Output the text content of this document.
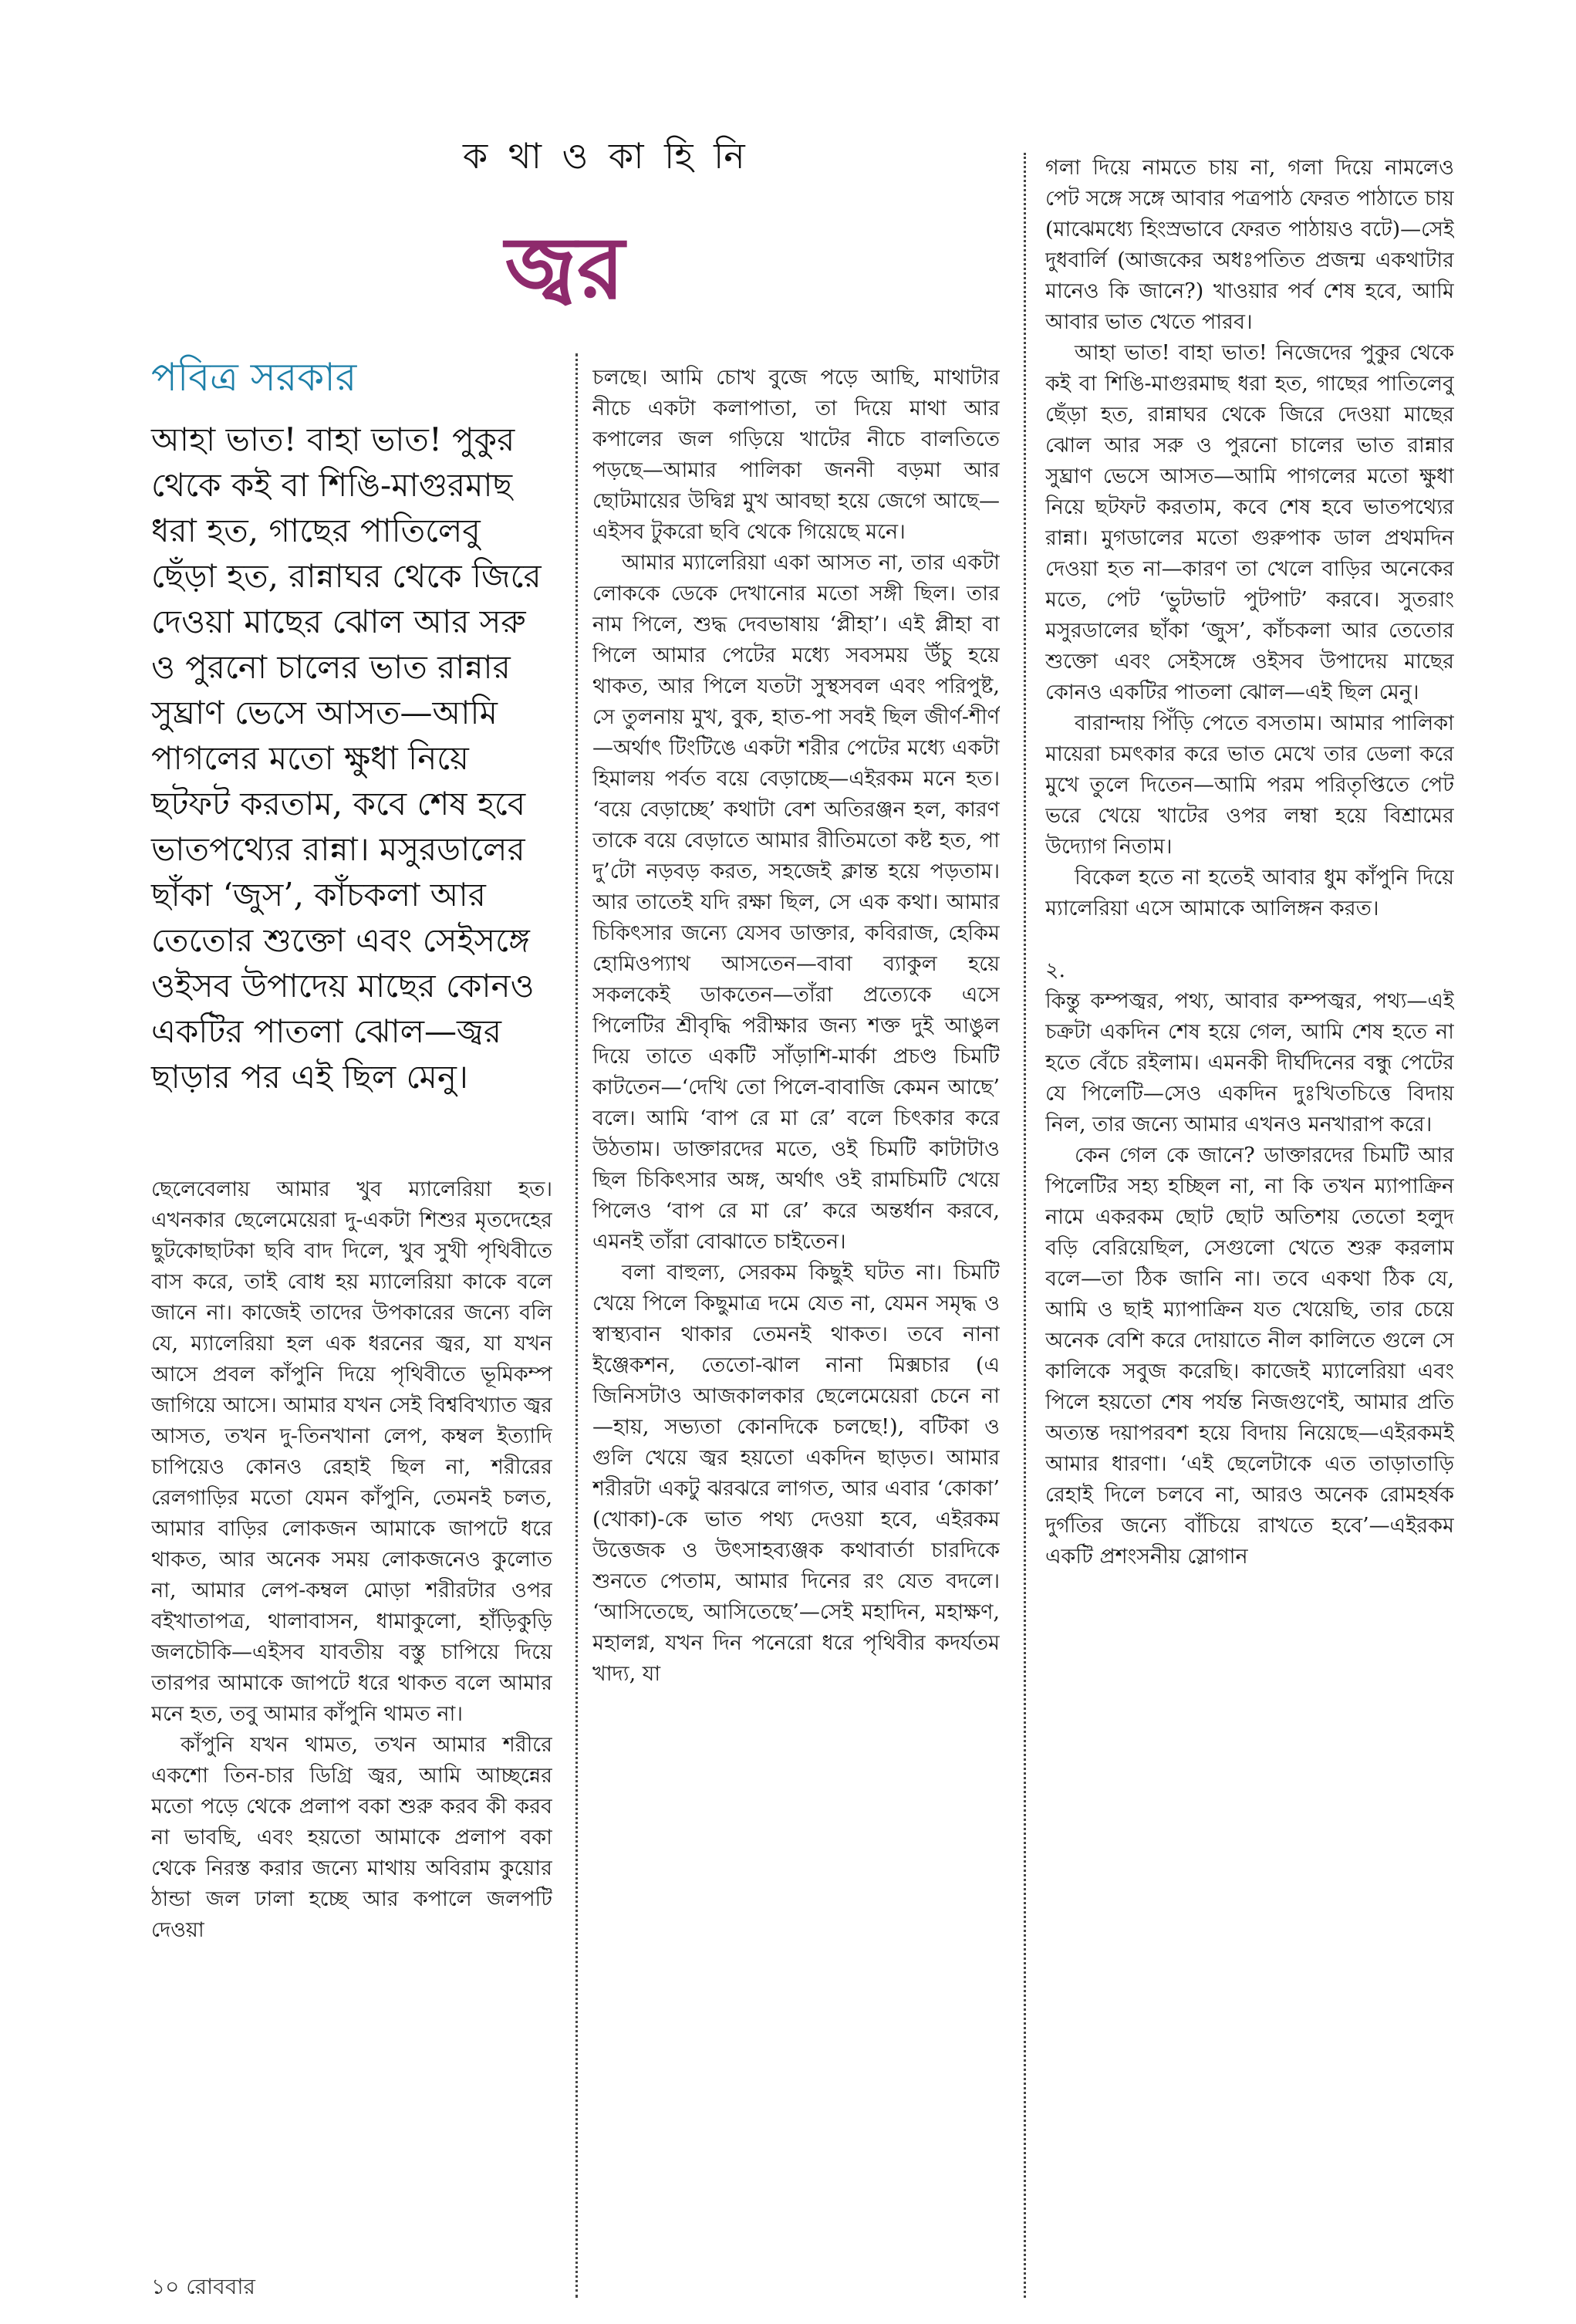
ক থা ও কা হি নি
জ্বর
পবিত্র সরকার
আহা ভাত! বাহা ভাত! পুকুর থেকে কই বা শিঙি-মাগুরমাছ ধরা হত, গাছের পাতিলেবু ছেঁড়া হত, রান্নাঘর থেকে জিরে দেওয়া মাছের ঝোল আর সরু ও পুরনো চালের ভাত রান্নার সুঘ্রাণ ভেসে আসত—আমি পাগলের মতো ক্ষুধা নিয়ে ছটফট করতাম, কবে শেষ হবে ভাতপথ্যের রান্না। মসুরডালের ছাঁকা ‘জুস’, কাঁচকলা আর তেতোর শুক্তো এবং সেইসঙ্গে ওইসব উপাদেয় মাছের কোনও একটির পাতলা ঝোল—জ্বর ছাড়ার পর এই ছিল মেনু।

ছেলেবেলায় আমার খুব ম্যালেরিয়া হত। এখনকার ছেলেমেয়েরা দু-একটা শিশুর মৃতদেহের ছুটকোছাটকা ছবি বাদ দিলে, খুব সুখী পৃথিবীতে বাস করে, তাই বোধ হয় ম্যালেরিয়া কাকে বলে জানে না। কাজেই তাদের উপকারের জন্যে বলি যে, ম্যালেরিয়া হল এক ধরনের জ্বর, যা যখন আসে প্রবল কাঁপুনি দিয়ে পৃথিবীতে ভূমিকম্প জাগিয়ে আসে। আমার যখন সেই বিশ্ববিখ্যাত জ্বর আসত, তখন দু-তিনখানা লেপ, কম্বল ইত্যাদি চাপিয়েও কোনও রেহাই ছিল না, শরীরের রেলগাড়ির মতো যেমন কাঁপুনি, তেমনই চলত, আমার বাড়ির লোকজন আমাকে জাপটে ধরে থাকত, আর অনেক সময় লোকজনেও কুলোত না, আমার লেপ-কম্বল মোড়া শরীরটার ওপর বইখাতাপত্র, থালাবাসন, ধামাকুলো, হাঁড়িকুড়ি জলচৌকি—এইসব যাবতীয় বস্তু চাপিয়ে দিয়ে তারপর আমাকে জাপটে ধরে থাকত বলে আমার মনে হত, তবু আমার কাঁপুনি থামত না।

কাঁপুনি যখন থামত, তখন আমার শরীরে একশো তিন-চার ডিগ্রি জ্বর, আমি আচ্ছন্নের মতো পড়ে থেকে প্রলাপ বকা শুরু করব কী করব না ভাবছি, এবং হয়তো আমাকে প্রলাপ বকা থেকে নিরস্ত করার জন্যে মাথায় অবিরাম কুয়োর ঠান্ডা জল ঢালা হচ্ছে আর কপালে জলপটি দেওয়া

চলছে। আমি চোখ বুজে পড়ে আছি, মাথাটার নীচে একটা কলাপাতা, তা দিয়ে মাথা আর কপালের জল গড়িয়ে খাটের নীচে বালতিতে পড়ছে—আমার পালিকা জননী বড়মা আর ছোটমায়ের উদ্বিগ্ন মুখ আবছা হয়ে জেগে আছে—এইসব টুকরো ছবি থেকে গিয়েছে মনে।

আমার ম্যালেরিয়া একা আসত না, তার একটা লোককে ডেকে দেখানোর মতো সঙ্গী ছিল। তার নাম পিলে, শুদ্ধ দেবভাষায় ‘প্লীহা’। এই প্লীহা বা পিলে আমার পেটের মধ্যে সবসময় উঁচু হয়ে থাকত, আর পিলে যতটা সুস্থসবল এবং পরিপুষ্ট, সে তুলনায় মুখ, বুক, হাত-পা সবই ছিল জীর্ণ-শীর্ণ—অর্থাৎ টিংটিঙে একটা শরীর পেটের মধ্যে একটা হিমালয় পর্বত বয়ে বেড়াচ্ছে—এইরকম মনে হত। ‘বয়ে বেড়াচ্ছে’ কথাটা বেশ অতিরঞ্জন হল, কারণ তাকে বয়ে বেড়াতে আমার রীতিমতো কষ্ট হত, পা দু’টো নড়বড় করত, সহজেই ক্লান্ত হয়ে পড়তাম। আর তাতেই যদি রক্ষা ছিল, সে এক কথা। আমার চিকিৎসার জন্যে যেসব ডাক্তার, কবিরাজ, হেকিম হোমিওপ্যাথ আসতেন—বাবা ব্যাকুল হয়ে সকলকেই ডাকতেন—তাঁরা প্রত্যেকে এসে পিলেটির শ্রীবৃদ্ধি পরীক্ষার জন্য শক্ত দুই আঙুল দিয়ে তাতে একটি সাঁড়াশি-মার্কা প্রচণ্ড চিমটি কাটতেন—‘দেখি তো পিলে-বাবাজি কেমন আছে’ বলে। আমি ‘বাপ রে মা রে’ বলে চিৎকার করে উঠতাম। ডাক্তারদের মতে, ওই চিমটি কাটাটাও ছিল চিকিৎসার অঙ্গ, অর্থাৎ ওই রামচিমটি খেয়ে পিলেও ‘বাপ রে মা রে’ করে অন্তর্ধান করবে, এমনই তাঁরা বোঝাতে চাইতেন।

বলা বাহুল্য, সেরকম কিছুই ঘটত না। চিমটি খেয়ে পিলে কিছুমাত্র দমে যেত না, যেমন সমৃদ্ধ ও স্বাস্থ্যবান থাকার তেমনই থাকত। তবে নানা ইঞ্জেকশন, তেতো-ঝাল নানা মিক্সচার (এ জিনিসটাও আজকালকার ছেলেমেয়েরা চেনে না—হায়, সভ্যতা কোনদিকে চলছে!), বটিকা ও গুলি খেয়ে জ্বর হয়তো একদিন ছাড়ত। আমার শরীরটা একটু ঝরঝরে লাগত, আর এবার ‘কোকা’ (খোকা)-কে ভাত পথ্য দেওয়া হবে, এইরকম উত্তেজক ও উৎসাহব্যঞ্জক কথাবার্তা চারদিকে শুনতে পেতাম, আমার দিনের রং যেত বদলে। ‘আসিতেছে, আসিতেছে’—সেই মহাদিন, মহাক্ষণ, মহালগ্ন, যখন দিন পনেরো ধরে পৃথিবীর কদর্যতম খাদ্য, যা

গলা দিয়ে নামতে চায় না, গলা দিয়ে নামলেও পেট সঙ্গে সঙ্গে আবার পত্রপাঠ ফেরত পাঠাতে চায় (মাঝেমধ্যে হিংস্রভাবে ফেরত পাঠায়ও বটে)—সেই দুধবার্লি (আজকের অধঃপতিত প্রজন্ম একথাটার মানেও কি জানে?) খাওয়ার পর্ব শেষ হবে, আমি আবার ভাত খেতে পারব।

আহা ভাত! বাহা ভাত! নিজেদের পুকুর থেকে কই বা শিঙি-মাগুরমাছ ধরা হত, গাছের পাতিলেবু ছেঁড়া হত, রান্নাঘর থেকে জিরে দেওয়া মাছের ঝোল আর সরু ও পুরনো চালের ভাত রান্নার সুঘ্রাণ ভেসে আসত—আমি পাগলের মতো ক্ষুধা নিয়ে ছটফট করতাম, কবে শেষ হবে ভাতপথ্যের রান্না। মুগডালের মতো গুরুপাক ডাল প্রথমদিন দেওয়া হত না—কারণ তা খেলে বাড়ির অনেকের মতে, পেট ‘ভুটভাট পুটপাট’ করবে। সুতরাং মসুরডালের ছাঁকা ‘জুস’, কাঁচকলা আর তেতোর শুক্তো এবং সেইসঙ্গে ওইসব উপাদেয় মাছের কোনও একটির পাতলা ঝোল—এই ছিল মেনু।

বারান্দায় পিঁড়ি পেতে বসতাম। আমার পালিকা মায়েরা চমৎকার করে ভাত মেখে তার ডেলা করে মুখে তুলে দিতেন—আমি পরম পরিতৃপ্তিতে পেট ভরে খেয়ে খাটের ওপর লম্বা হয়ে বিশ্রামের উদ্যোগ নিতাম।

বিকেল হতে না হতেই আবার ধুম কাঁপুনি দিয়ে ম্যালেরিয়া এসে আমাকে আলিঙ্গন করত।

২.

কিন্তু কম্পজ্বর, পথ্য, আবার কম্পজ্বর, পথ্য—এই চক্রটা একদিন শেষ হয়ে গেল, আমি শেষ হতে না হতে বেঁচে রইলাম। এমনকী দীর্ঘদিনের বন্ধু পেটের যে পিলেটি—সেও একদিন দুঃখিতচিত্তে বিদায় নিল, তার জন্যে আমার এখনও মনখারাপ করে।

কেন গেল কে জানে? ডাক্তারদের চিমটি আর পিলেটির সহ্য হচ্ছিল না, না কি তখন ম্যাপাক্রিন নামে একরকম ছোট ছোট অতিশয় তেতো হলুদ বড়ি বেরিয়েছিল, সেগুলো খেতে শুরু করলাম বলে—তা ঠিক জানি না। তবে একথা ঠিক যে, আমি ও ছাই ম্যাপাক্রিন যত খেয়েছি, তার চেয়ে অনেক বেশি করে দোয়াতে নীল কালিতে গুলে সে কালিকে সবুজ করেছি। কাজেই ম্যালেরিয়া এবং পিলে হয়তো শেষ পর্যন্ত নিজগুণেই, আমার প্রতি অত্যন্ত দয়াপরবশ হয়ে বিদায় নিয়েছে—এইরকমই আমার ধারণা। ‘এই ছেলেটাকে এত তাড়াতাড়ি রেহাই দিলে চলবে না, আরও অনেক রোমহর্ষক দুর্গতির জন্যে বাঁচিয়ে রাখতে হবে’—এইরকম একটি প্রশংসনীয় স্লোগান

১০ রোববার
